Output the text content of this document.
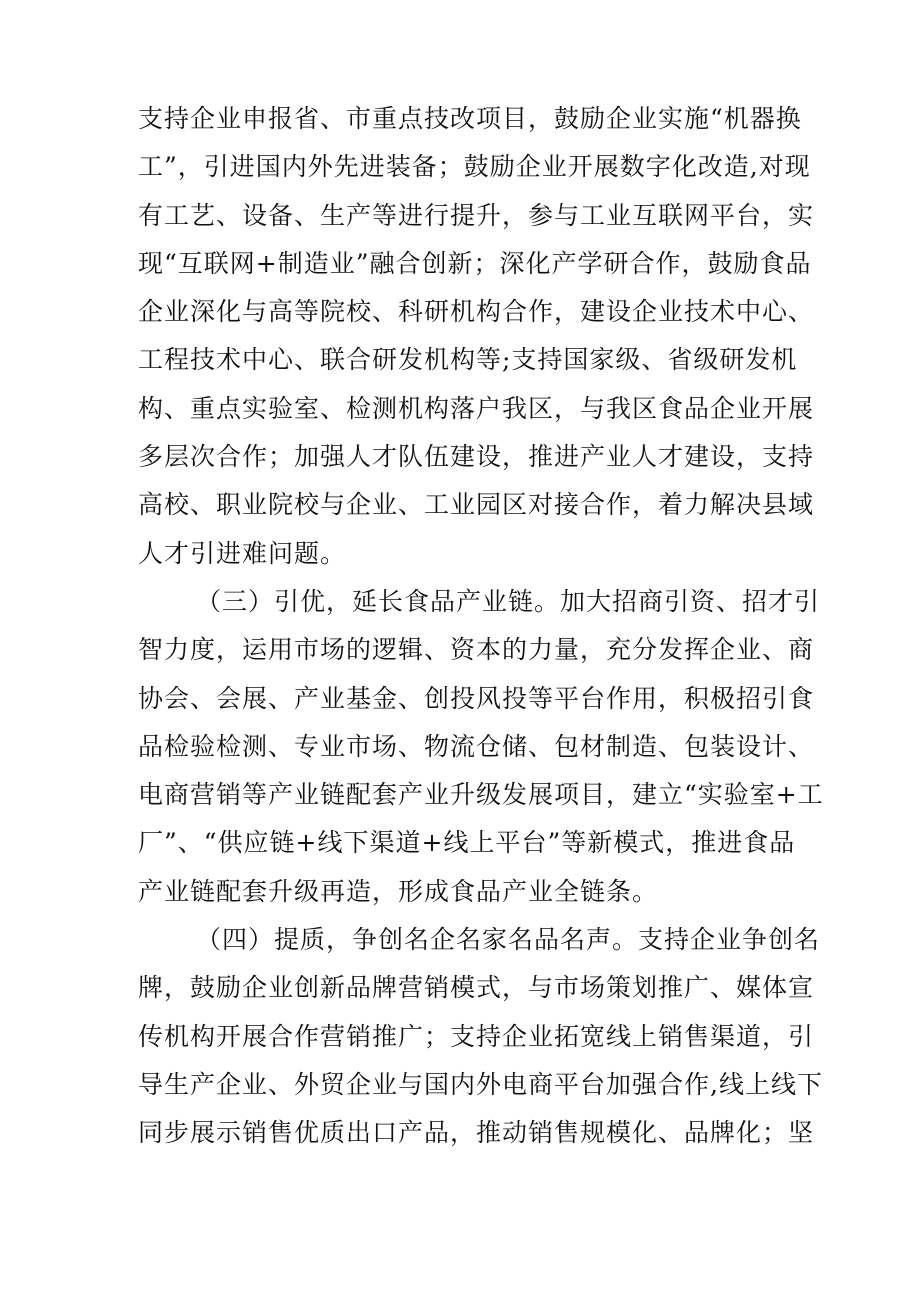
支持企业申报省、市重点技改项目，鼓励企业实施“机器换
工”，引进国内外先进装备；鼓励企业开展数字化改造,对现
有工艺、设备、生产等进行提升，参与工业互联网平台，实
现“互联网+制造业”融合创新；深化产学研合作，鼓励食品
企业深化与高等院校、科研机构合作，建设企业技术中心、
工程技术中心、联合研发机构等;支持国家级、省级研发机
构、重点实验室、检测机构落户我区，与我区食品企业开展
多层次合作；加强人才队伍建设，推进产业人才建设，支持
高校、职业院校与企业、工业园区对接合作，着力解决县域
人才引进难问题。
（三）引优，延长食品产业链。加大招商引资、招才引
智力度，运用市场的逻辑、资本的力量，充分发挥企业、商
协会、会展、产业基金、创投风投等平台作用，积极招引食
品检验检测、专业市场、物流仓储、包材制造、包装设计、
电商营销等产业链配套产业升级发展项目，建立“实验室+工
厂”、“供应链+线下渠道+线上平台”等新模式，推进食品
产业链配套升级再造，形成食品产业全链条。
（四）提质，争创名企名家名品名声。支持企业争创名
牌，鼓励企业创新品牌营销模式，与市场策划推广、媒体宣
传机构开展合作营销推广；支持企业拓宽线上销售渠道，引
导生产企业、外贸企业与国内外电商平台加强合作,线上线下
同步展示销售优质出口产品，推动销售规模化、品牌化；坚
